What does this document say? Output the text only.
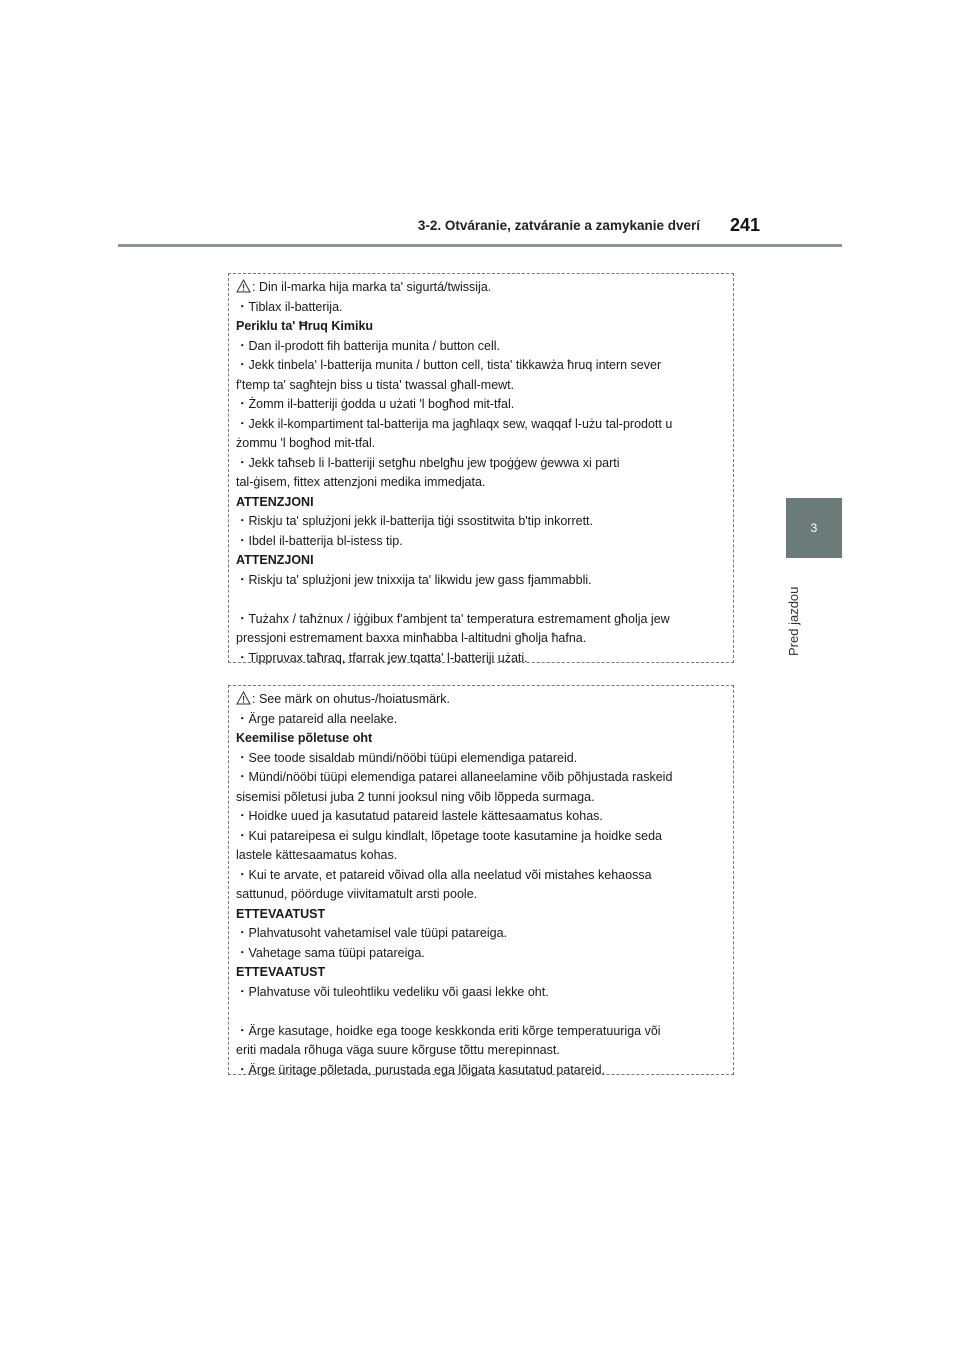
3-2. Otváranie, zatváranie a zamykanie dverí 241
3
Pred jazdou
: Din il-marka hija marka ta' sigurtá/twissija.
・Tiblax il-batterija.
Periklu ta' Ħruq Kimiku
・Dan il-prodott fih batterija munita / button cell.
・Jekk tinbela' l-batterija munita / button cell, tista' tikkawża ħruq intern sever
f'temp ta' sagħtejn biss u tista' twassal għall-mewt.
・Żomm il-batteriji ġodda u użati 'l bogħod mit-tfal.
・Jekk il-kompartiment tal-batterija ma jagħlaqx sew, waqqaf l-użu tal-prodott u
żommu 'l bogħod mit-tfal.
・Jekk taħseb li l-batteriji setgħu nbelgħu jew tpoġġew ġewwa xi parti
tal-ġisem, fittex attenzjoni medika immedjata.
ATTENZJONI
・Riskju ta' splużjoni jekk il-batterija tiġi ssostitwita b'tip inkorrett.
・Ibdel il-batterija bl-istess tip.
ATTENZJONI
・Riskju ta' splużjoni jew tnixxija ta' likwidu jew gass fjammabbli.
・Tużahx / taħżnux / iġġibux f'ambjent ta' temperatura estremament għolja jew
pressjoni estremament baxxa minħabba l-altitudni għolja ħafna.
・Tippruvax taħraq, tfarrak jew tqatta' l-batteriji użati.
: See märk on ohutus-/hoiatusmärk.
・Ärge patareid alla neelake.
Keemilise põletuse oht
・See toode sisaldab mündi/nööbi tüüpi elemendiga patareid.
・Mündi/nööbi tüüpi elemendiga patarei allaneelamine võib põhjustada raskeid
sisemisi põletusi juba 2 tunni jooksul ning võib lõppeda surmaga.
・Hoidke uued ja kasutatud patareid lastele kättesaamatus kohas.
・Kui patareipesa ei sulgu kindlalt, lõpetage toote kasutamine ja hoidke seda
lastele kättesaamatus kohas.
・Kui te arvate, et patareid võivad olla alla neelatud või mistahes kehaossa
sattunud, pöörduge viivitamatult arsti poole.
ETTEVAATUST
・Plahvatusoht vahetamisel vale tüüpi patareiga.
・Vahetage sama tüüpi patareiga.
ETTEVAATUST
・Plahvatuse või tuleohtliku vedeliku või gaasi lekke oht.
・Ärge kasutage, hoidke ega tooge keskkonda eriti kõrge temperatuuriga või
eriti madala rõhuga väga suure kõrguse tõttu merepinnast.
・Ärge üritage põletada, purustada ega lõigata kasutatud patareid.
